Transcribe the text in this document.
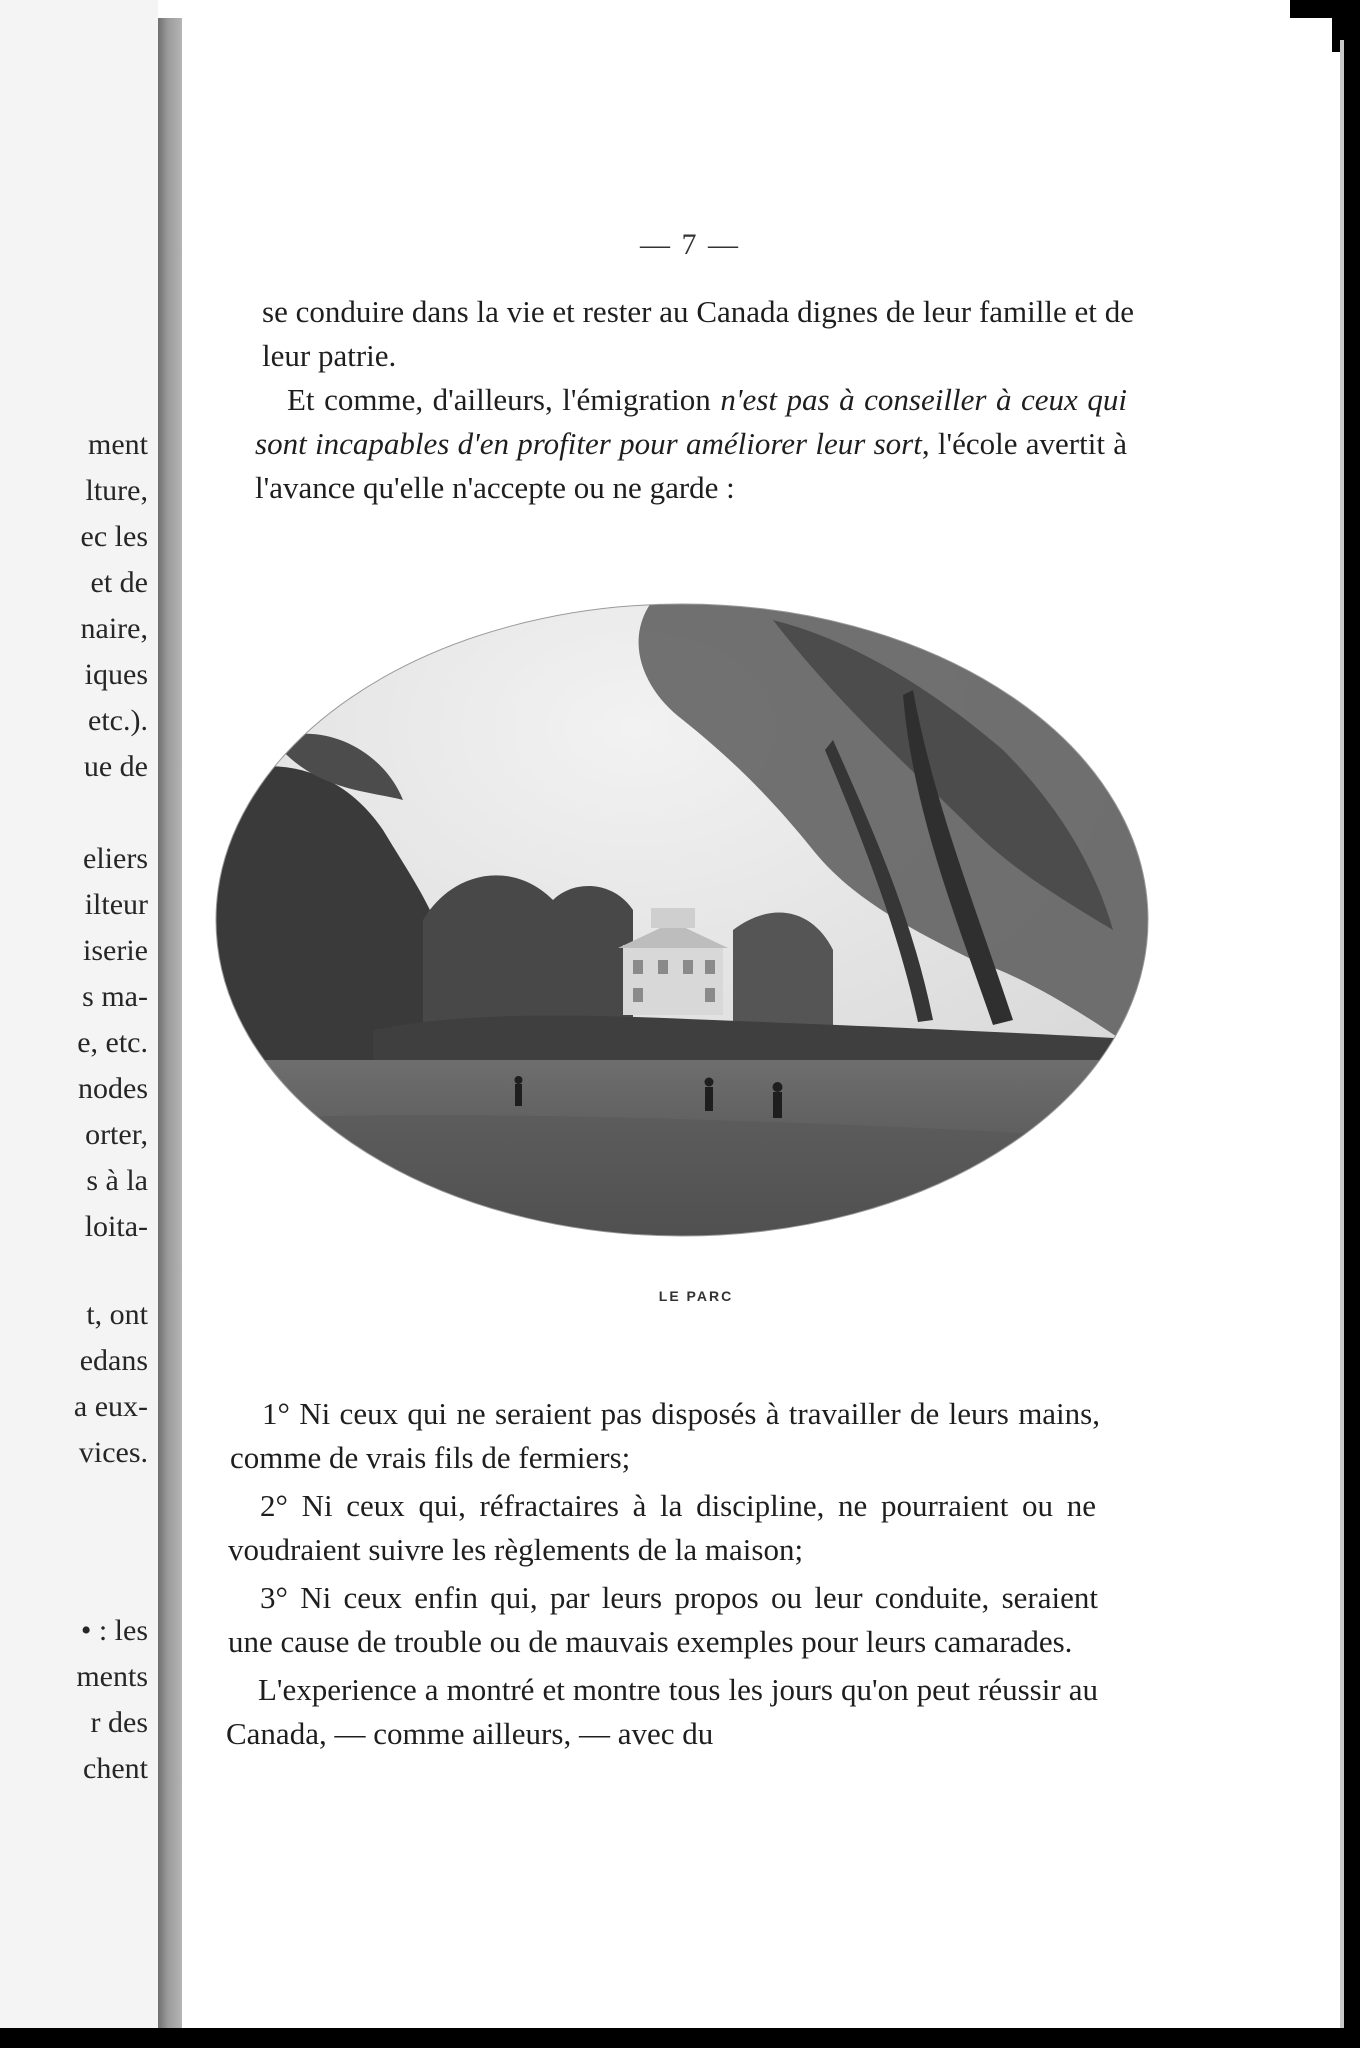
ment
lture,
ec les
et de
naire,
iques
etc.).
ue de
eliers
ilteur
iserie
s ma-
e, etc.
nodes
orter,
s à la
loita-
t, ont
edans
a eux-
vices.
• : les
ments
r des
chent
— 7 —

se conduire dans la vie et rester au Canada dignes de leur famille et de leur patrie.

Et comme, d'ailleurs, l'émigration n'est pas à conseiller à ceux qui sont incapables d'en profiter pour améliorer leur sort, l'école avertit à l'avance qu'elle n'accepte ou ne garde :

LE PARC

1° Ni ceux qui ne seraient pas disposés à travailler de leurs mains, comme de vrais fils de fermiers;

2° Ni ceux qui, réfractaires à la discipline, ne pourraient ou ne voudraient suivre les règlements de la maison;

3° Ni ceux enfin qui, par leurs propos ou leur conduite, seraient une cause de trouble ou de mauvais exemples pour leurs camarades.

L'experience a montré et montre tous les jours qu'on peut réussir au Canada, — comme ailleurs, — avec du
